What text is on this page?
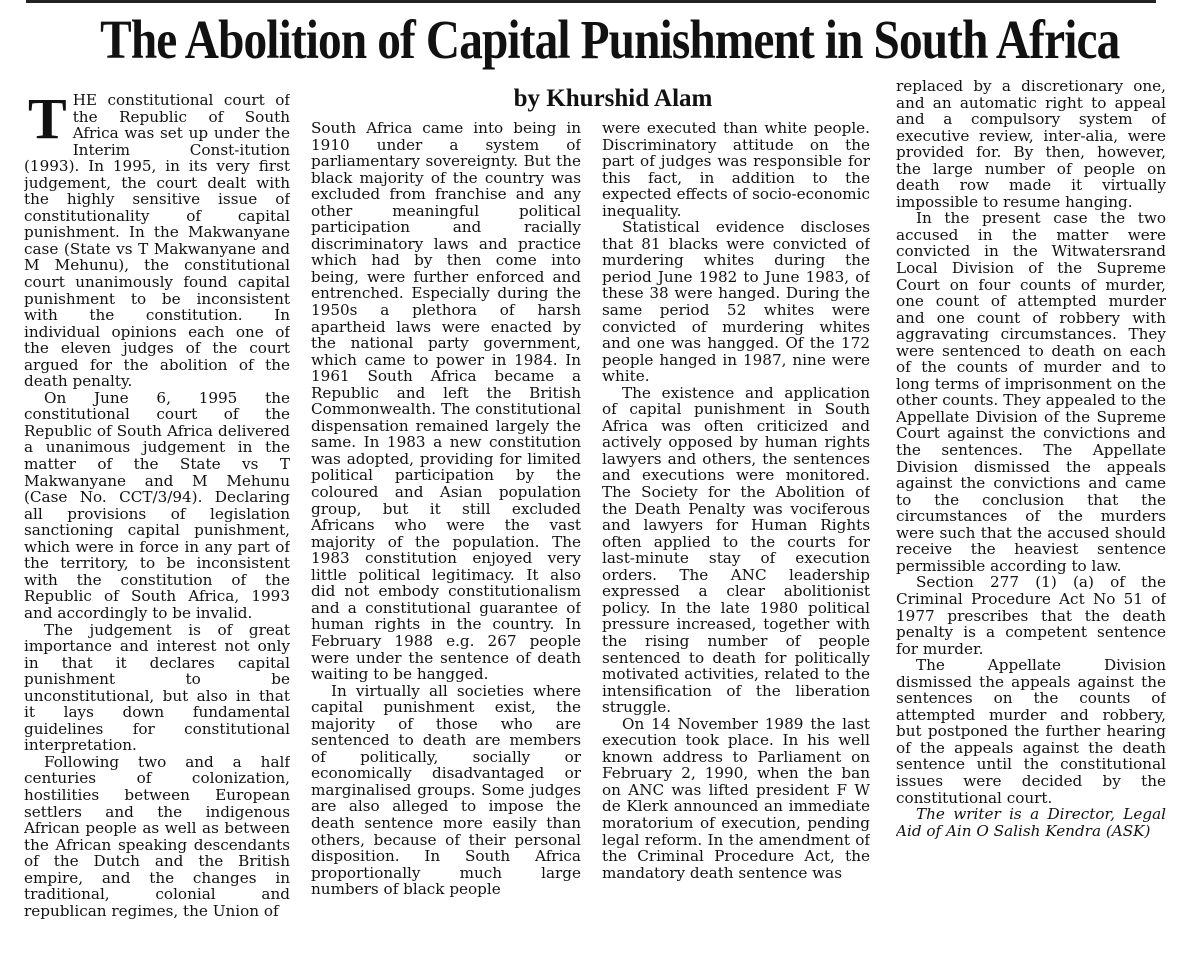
The Abolition of Capital Punishment in South Africa
by Khurshid Alam

THE constitutional court of the Republic of South Africa was set up under the Interim Const-itution (1993). In 1995, in its very first judgement, the court dealt with the highly sensitive issue of constitutionality of capital punishment. In the Makwanyane case (State vs T Makwanyane and M Mehunu), the constitutional court unanimously found capital punishment to be inconsistent with the constitution. In individual opinions each one of the eleven judges of the court argued for the abolition of the death penalty.

On June 6, 1995 the constitutional court of the Republic of South Africa delivered a unanimous judgement in the matter of the State vs T Makwanyane and M Mehunu (Case No. CCT/3/94). Declaring all provisions of legislation sanctioning capital punishment, which were in force in any part of the territory, to be inconsistent with the constitution of the Republic of South Africa, 1993 and accordingly to be invalid.

The judgement is of great importance and interest not only in that it declares capital punishment to be unconstitutional, but also in that it lays down fundamental guidelines for constitutional interpretation.

Following two and a half centuries of colonization, hostilities between European settlers and the indigenous African people as well as between the African speaking descendants of the Dutch and the British empire, and the changes in traditional, colonial and republican regimes, the Union of

South Africa came into being in 1910 under a system of parliamentary sovereignty. But the black majority of the country was excluded from franchise and any other meaningful political participation and racially discriminatory laws and practice which had by then come into being, were further enforced and entrenched. Especially during the 1950s a plethora of harsh apartheid laws were enacted by the national party government, which came to power in 1984. In 1961 South Africa became a Republic and left the British Commonwealth. The constitutional dispensation remained largely the same. In 1983 a new constitution was adopted, providing for limited political participation by the coloured and Asian population group, but it still excluded Africans who were the vast majority of the population. The 1983 constitution enjoyed very little political legitimacy. It also did not embody constitutionalism and a constitutional guarantee of human rights in the country. In February 1988 e.g. 267 people were under the sentence of death waiting to be hangged.

In virtually all societies where capital punishment exist, the majority of those who are sentenced to death are members of politically, socially or economically disadvantaged or marginalised groups. Some judges are also alleged to impose the death sentence more easily than others, because of their personal disposition. In South Africa proportionally much large numbers of black people

were executed than white people. Discriminatory attitude on the part of judges was responsible for this fact, in addition to the expected effects of socio-economic inequality.

Statistical evidence discloses that 81 blacks were convicted of murdering whites during the period June 1982 to June 1983, of these 38 were hanged. During the same period 52 whites were convicted of murdering whites and one was hangged. Of the 172 people hanged in 1987, nine were white.

The existence and application of capital punishment in South Africa was often criticized and actively opposed by human rights lawyers and others, the sentences and executions were monitored. The Society for the Abolition of the Death Penalty was vociferous and lawyers for Human Rights often applied to the courts for last-minute stay of execution orders. The ANC leadership expressed a clear abolitionist policy. In the late 1980 political pressure increased, together with the rising number of people sentenced to death for politically motivated activities, related to the intensification of the liberation struggle.

On 14 November 1989 the last execution took place. In his well known address to Parliament on February 2, 1990, when the ban on ANC was lifted president F W de Klerk announced an immediate moratorium of execution, pending legal reform. In the amendment of the Criminal Procedure Act, the mandatory death sentence was

replaced by a discretionary one, and an automatic right to appeal and a compulsory system of executive review, inter-alia, were provided for. By then, however, the large number of people on death row made it virtually impossible to resume hanging.

In the present case the two accused in the matter were convicted in the Witwatersrand Local Division of the Supreme Court on four counts of murder, one count of attempted murder and one count of robbery with aggravating circumstances. They were sentenced to death on each of the counts of murder and to long terms of imprisonment on the other counts. They appealed to the Appellate Division of the Supreme Court against the convictions and the sentences. The Appellate Division dismissed the appeals against the convictions and came to the conclusion that the circumstances of the murders were such that the accused should receive the heaviest sentence permissible according to law.

Section 277 (1) (a) of the Criminal Procedure Act No 51 of 1977 prescribes that the death penalty is a competent sentence for murder.

The Appellate Division dismissed the appeals against the sentences on the counts of attempted murder and robbery, but postponed the further hearing of the appeals against the death sentence until the constitutional issues were decided by the constitutional court.

The writer is a Director, Legal Aid of Ain O Salish Kendra (ASK)
